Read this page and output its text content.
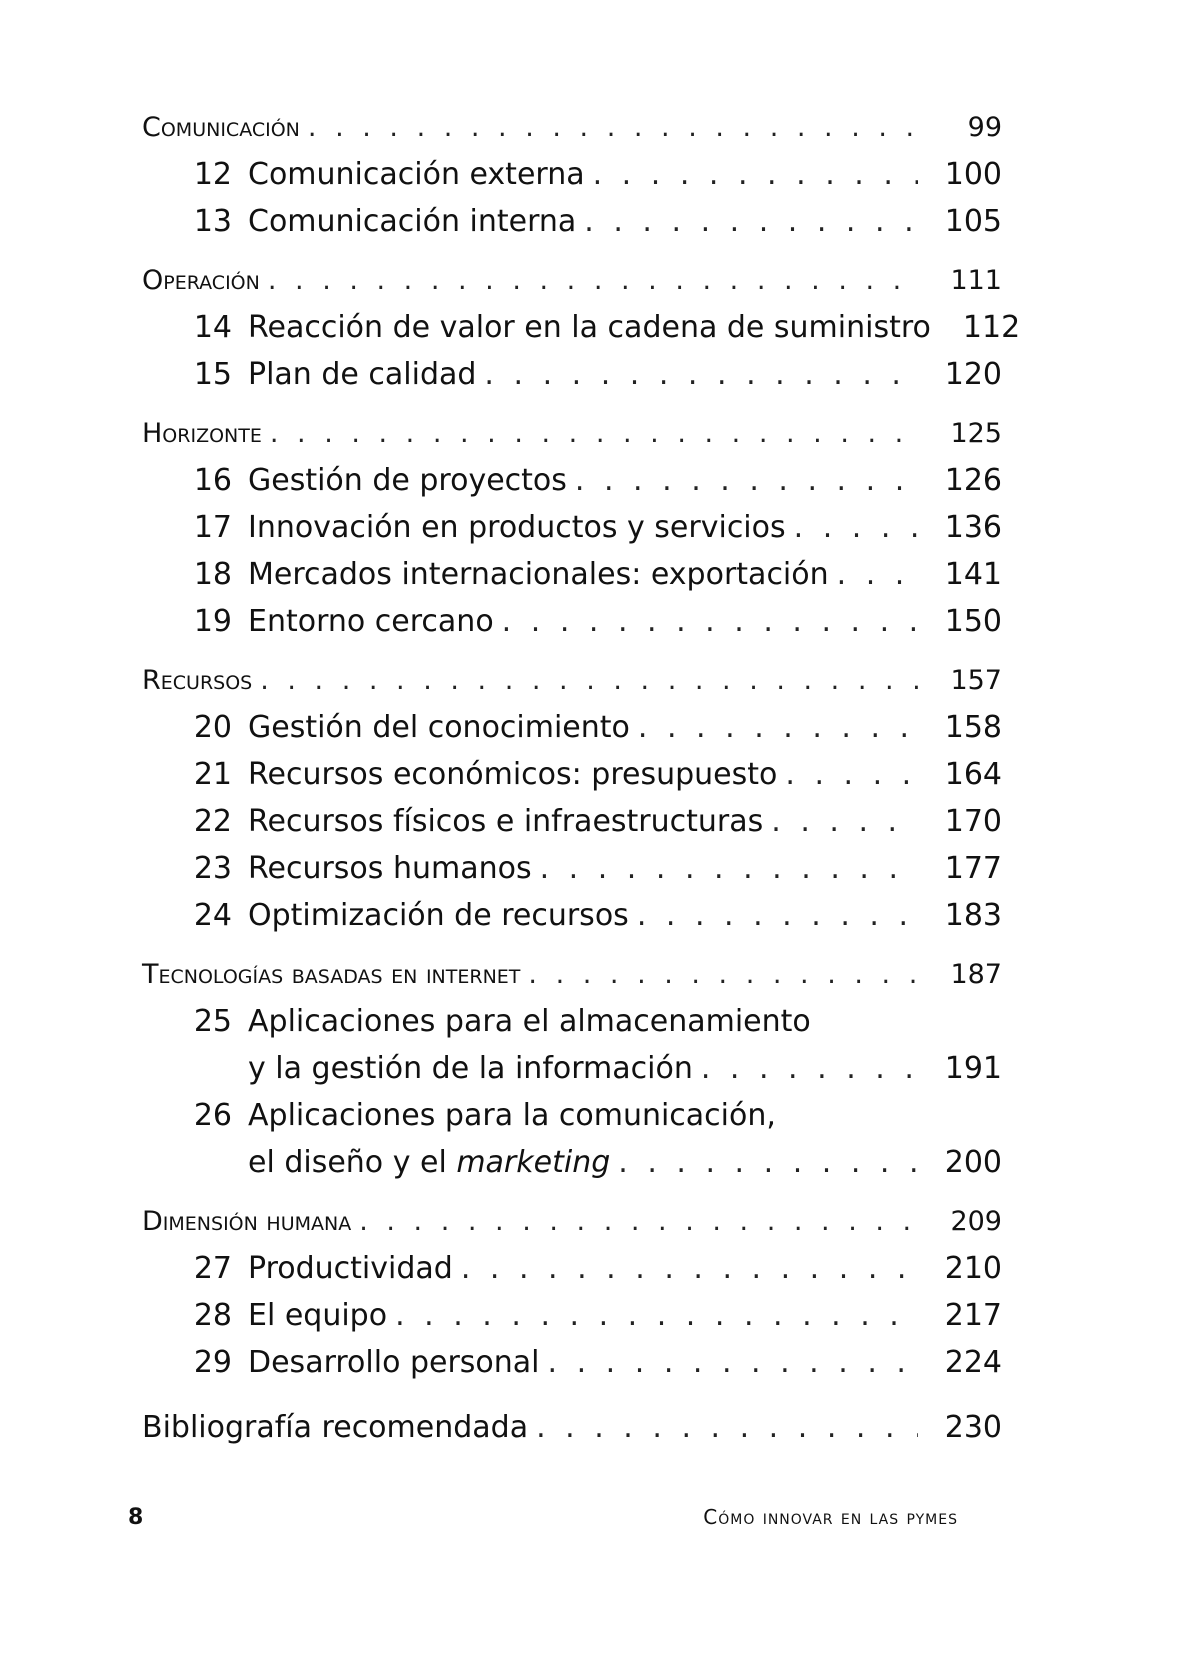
Comunicación . . .	99
12 Comunicación externa . . .	100
13 Comunicación interna . . .	105
Operación . . .	111
14 Reacción de valor en la cadena de suministro 112
15 Plan de calidad . . .	120
Horizonte . . .	125
16 Gestión de proyectos . . .	126
17 Innovación en productos y servicios . . .	136
18 Mercados internacionales: exportación . . .	141
19 Entorno cercano . . .	150
Recursos . . .	157
20 Gestión del conocimiento . . .	158
21 Recursos económicos: presupuesto . . .	164
22 Recursos físicos e infraestructuras . . .	170
23 Recursos humanos . . .	177
24 Optimización de recursos . . .	183
Tecnologías basadas en internet . . .	187
25 Aplicaciones para el almacenamiento
y la gestión de la información . . .	191
26 Aplicaciones para la comunicación,
el diseño y el marketing . . .	200
Dimensión humana . . .	209
27 Productividad . . .	210
28 El equipo . . .	217
29 Desarrollo personal . . .	224
Bibliografía recomendada . . .	230
8	Cómo innovar en las pymes
